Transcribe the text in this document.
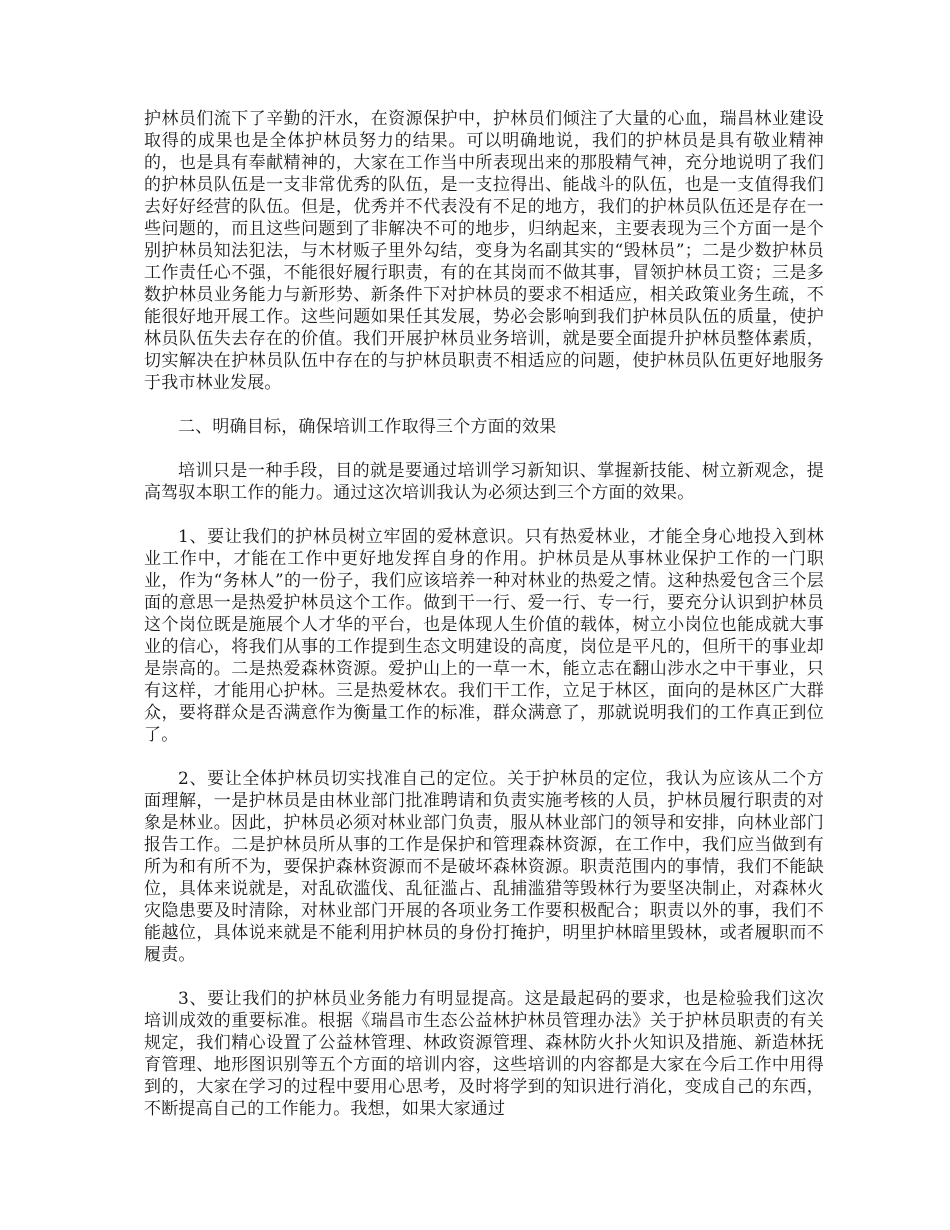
护林员们流下了辛勤的汗水，在资源保护中，护林员们倾注了大量的心血，瑞昌林业建设取得的成果也是全体护林员努力的结果。可以明确地说，我们的护林员是具有敬业精神的，也是具有奉献精神的，大家在工作当中所表现出来的那股精气神，充分地说明了我们的护林员队伍是一支非常优秀的队伍，是一支拉得出、能战斗的队伍，也是一支值得我们去好好经营的队伍。但是，优秀并不代表没有不足的地方，我们的护林员队伍还是存在一些问题的，而且这些问题到了非解决不可的地步，归纳起来，主要表现为三个方面一是个别护林员知法犯法，与木材贩子里外勾结，变身为名副其实的“毁林员”；二是少数护林员工作责任心不强，不能很好履行职责，有的在其岗而不做其事，冒领护林员工资；三是多数护林员业务能力与新形势、新条件下对护林员的要求不相适应，相关政策业务生疏，不能很好地开展工作。这些问题如果任其发展，势必会影响到我们护林员队伍的质量，使护林员队伍失去存在的价值。我们开展护林员业务培训，就是要全面提升护林员整体素质，切实解决在护林员队伍中存在的与护林员职责不相适应的问题，使护林员队伍更好地服务于我市林业发展。

二、明确目标，确保培训工作取得三个方面的效果

培训只是一种手段，目的就是要通过培训学习新知识、掌握新技能、树立新观念，提高驾驭本职工作的能力。通过这次培训我认为必须达到三个方面的效果。

1、要让我们的护林员树立牢固的爱林意识。只有热爱林业，才能全身心地投入到林业工作中，才能在工作中更好地发挥自身的作用。护林员是从事林业保护工作的一门职业，作为“务林人”的一份子，我们应该培养一种对林业的热爱之情。这种热爱包含三个层面的意思一是热爱护林员这个工作。做到干一行、爱一行、专一行，要充分认识到护林员这个岗位既是施展个人才华的平台，也是体现人生价值的载体，树立小岗位也能成就大事业的信心，将我们从事的工作提到生态文明建设的高度，岗位是平凡的，但所干的事业却是崇高的。二是热爱森林资源。爱护山上的一草一木，能立志在翻山涉水之中干事业，只有这样，才能用心护林。三是热爱林农。我们干工作，立足于林区，面向的是林区广大群众，要将群众是否满意作为衡量工作的标准，群众满意了，那就说明我们的工作真正到位了。

2、要让全体护林员切实找准自己的定位。关于护林员的定位，我认为应该从二个方面理解，一是护林员是由林业部门批准聘请和负责实施考核的人员，护林员履行职责的对象是林业。因此，护林员必须对林业部门负责，服从林业部门的领导和安排，向林业部门报告工作。二是护林员所从事的工作是保护和管理森林资源，在工作中，我们应当做到有所为和有所不为，要保护森林资源而不是破坏森林资源。职责范围内的事情，我们不能缺位，具体来说就是，对乱砍滥伐、乱征滥占、乱捕滥猎等毁林行为要坚决制止，对森林火灾隐患要及时清除，对林业部门开展的各项业务工作要积极配合；职责以外的事，我们不能越位，具体说来就是不能利用护林员的身份打掩护，明里护林暗里毁林，或者履职而不履责。

3、要让我们的护林员业务能力有明显提高。这是最起码的要求，也是检验我们这次培训成效的重要标准。根据《瑞昌市生态公益林护林员管理办法》关于护林员职责的有关规定，我们精心设置了公益林管理、林政资源管理、森林防火扑火知识及措施、新造林抚育管理、地形图识别等五个方面的培训内容，这些培训的内容都是大家在今后工作中用得到的，大家在学习的过程中要用心思考，及时将学到的知识进行消化，变成自己的东西，不断提高自己的工作能力。我想，如果大家通过
